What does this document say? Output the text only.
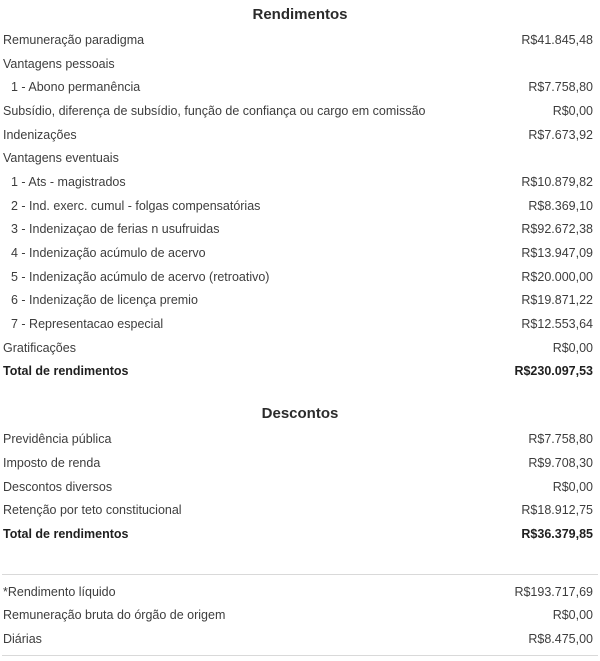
Rendimentos
Remuneração paradigma	R$41.845,48
Vantagens pessoais
1 - Abono permanência	R$7.758,80
Subsídio, diferença de subsídio, função de confiança ou cargo em comissão	R$0,00
Indenizações	R$7.673,92
Vantagens eventuais
1 - Ats - magistrados	R$10.879,82
2 - Ind. exerc. cumul - folgas compensatórias	R$8.369,10
3 - Indenizaçao de ferias n usufruidas	R$92.672,38
4 - Indenização acúmulo de acervo	R$13.947,09
5 - Indenização acúmulo de acervo (retroativo)	R$20.000,00
6 - Indenização de licença premio	R$19.871,22
7 - Representacao especial	R$12.553,64
Gratificações	R$0,00
Total de rendimentos	R$230.097,53
Descontos
Previdência pública	R$7.758,80
Imposto de renda	R$9.708,30
Descontos diversos	R$0,00
Retenção por teto constitucional	R$18.912,75
Total de rendimentos	R$36.379,85
*Rendimento líquido	R$193.717,69
Remuneração bruta do órgão de origem	R$0,00
Diárias	R$8.475,00
